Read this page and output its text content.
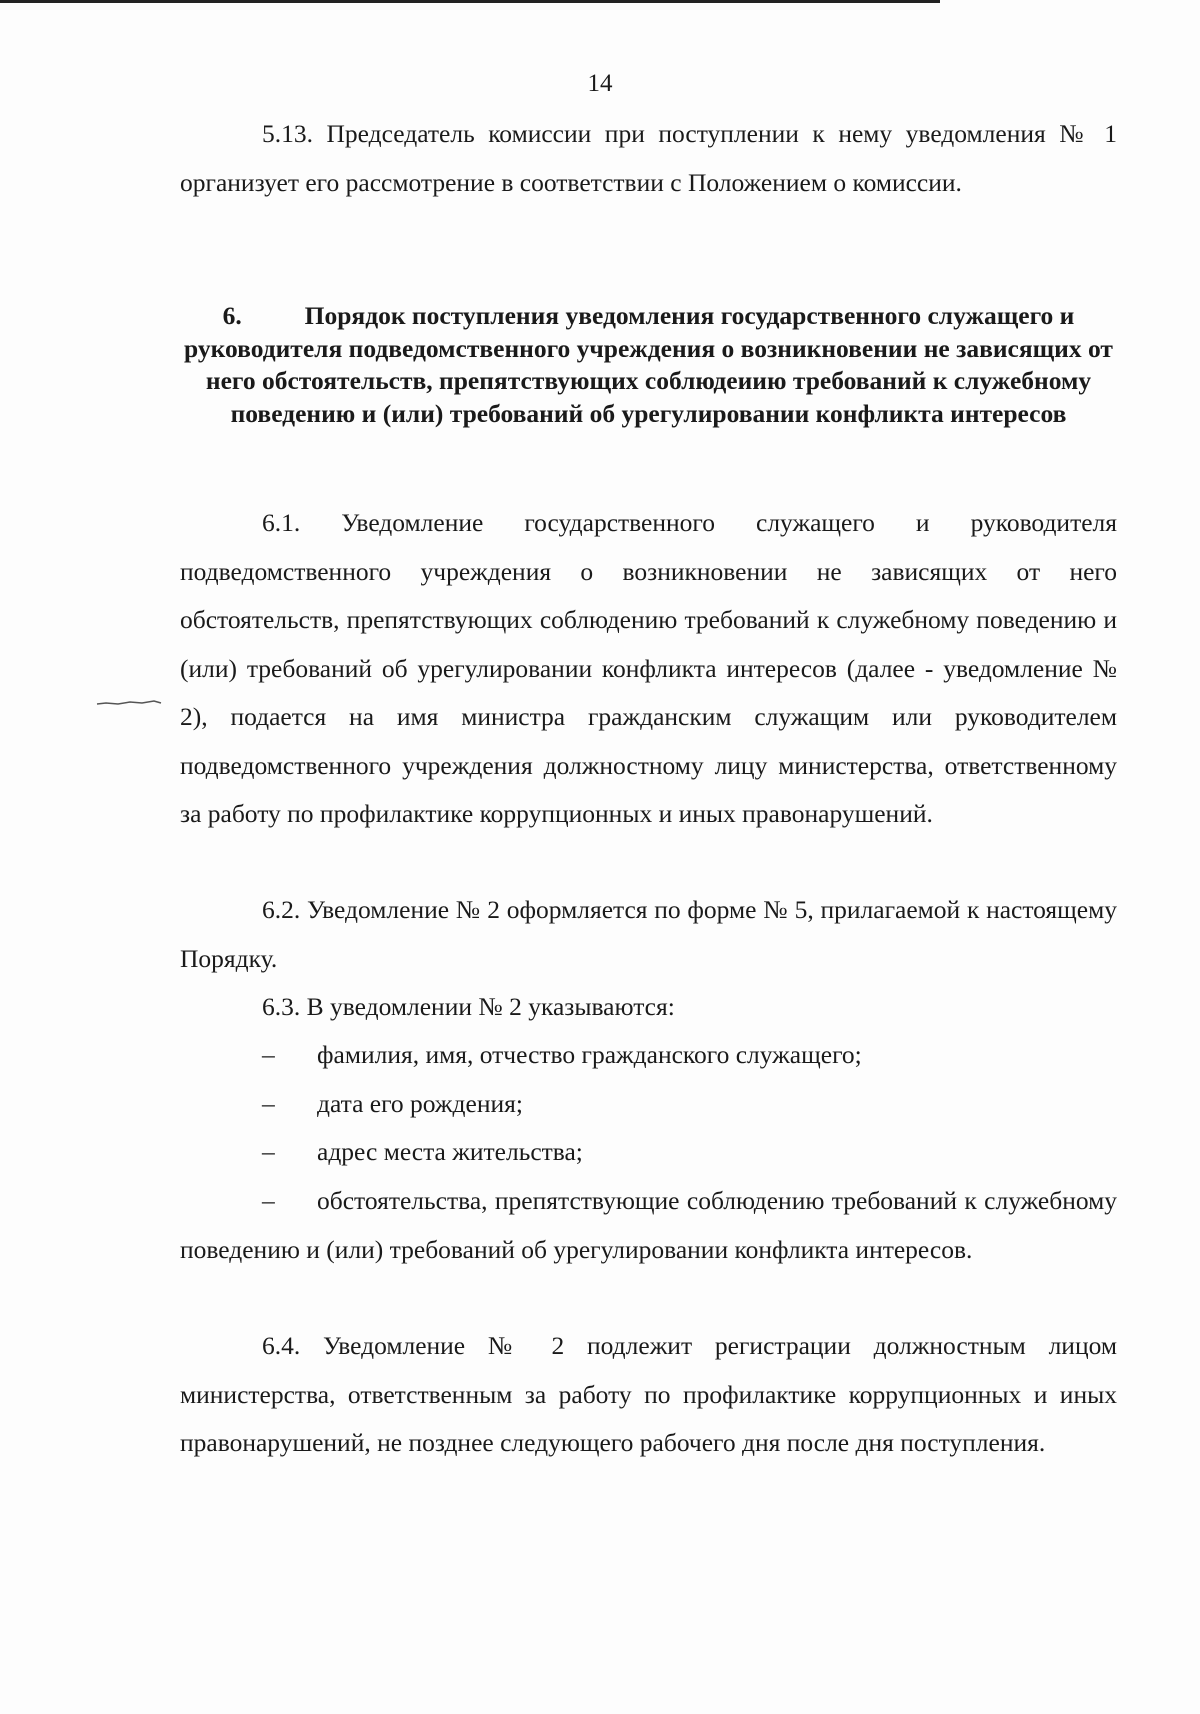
14

5.13. Председатель комиссии при поступлении к нему уведомления № 1 организует его рассмотрение в соответствии с Положением о комиссии.

6. Порядок поступления уведомления государственного служащего и руководителя подведомственного учреждения о возникновении не зависящих от него обстоятельств, препятствующих соблюдеиию требований к служебному поведению и (или) требований об урегулировании конфликта интересов

6.1. Уведомление государственного служащего и руководителя подведомственного учреждения о возникновении не зависящих от него обстоятельств, препятствующих соблюдению требований к служебному поведению и (или) требований об урегулировании конфликта интересов (далее - уведомление № 2), подается на имя министра гражданским служащим или руководителем подведомственного учреждения должностному лицу министерства, ответственному за работу по профилактике коррупционных и иных правонарушений.

6.2. Уведомление № 2 оформляется по форме № 5, прилагаемой к настоящему Порядку.

6.3. В уведомлении № 2 указываются:

–	фамилия, имя, отчество гражданского служащего;
–	дата его рождения;
–	адрес места жительства;
–	обстоятельства, препятствующие соблюдению требований к служебному поведению и (или) требований об урегулировании конфликта интересов.

6.4. Уведомление № 2 подлежит регистрации должностным лицом министерства, ответственным за работу по профилактике коррупционных и иных правонарушений, не позднее следующего рабочего дня после дня поступления.
